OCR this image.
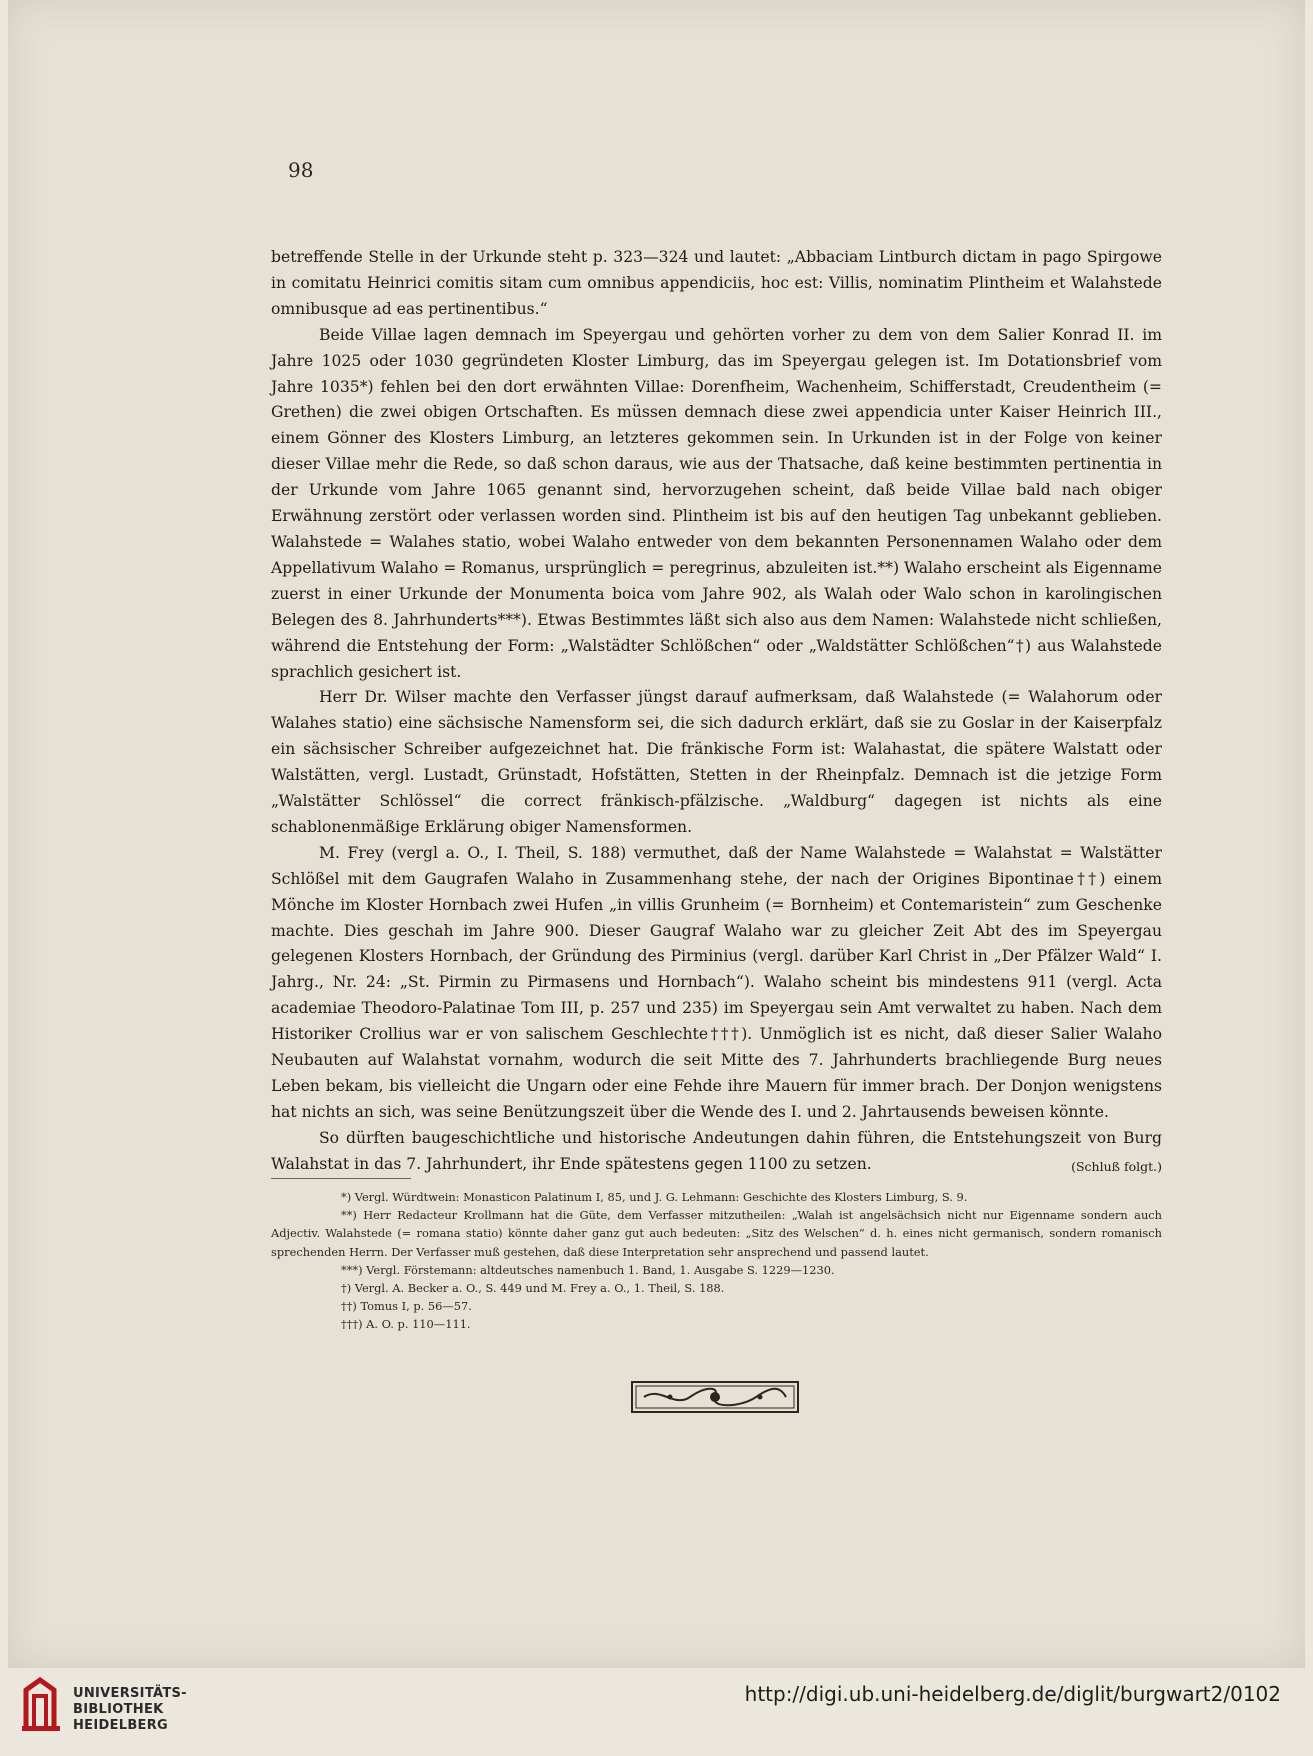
98

betreffende Stelle in der Urkunde steht p. 323—324 und lautet: „Abbaciam Lintburch dictam in pago Spirgowe in comitatu Heinrici comitis sitam cum omnibus appendiciis, hoc est: Villis, nominatim Plintheim et Walahstede omnibusque ad eas pertinentibus.“

Beide Villae lagen demnach im Speyergau und gehörten vorher zu dem von dem Salier Konrad II. im Jahre 1025 oder 1030 gegründeten Kloster Limburg, das im Speyergau gelegen ist. Im Dotationsbrief vom Jahre 1035*) fehlen bei den dort erwähnten Villae: Dorenfheim, Wachenheim, Schifferstadt, Creudentheim (= Grethen) die zwei obigen Ortschaften. Es müssen demnach diese zwei appendicia unter Kaiser Heinrich III., einem Gönner des Klosters Limburg, an letzteres gekommen sein. In Urkunden ist in der Folge von keiner dieser Villae mehr die Rede, so daß schon daraus, wie aus der Thatsache, daß keine bestimmten pertinentia in der Urkunde vom Jahre 1065 genannt sind, hervorzugehen scheint, daß beide Villae bald nach obiger Erwähnung zerstört oder verlassen worden sind. Plintheim ist bis auf den heutigen Tag unbekannt geblieben. Walahstede = Walahes statio, wobei Walaho entweder von dem bekannten Personennamen Walaho oder dem Appellativum Walaho = Romanus, ursprünglich = peregrinus, abzuleiten ist.**) Walaho erscheint als Eigenname zuerst in einer Urkunde der Monumenta boica vom Jahre 902, als Walah oder Walo schon in karolingischen Belegen des 8. Jahrhunderts***). Etwas Bestimmtes läßt sich also aus dem Namen: Walahstede nicht schließen, während die Entstehung der Form: „Walstädter Schlößchen“ oder „Waldstätter Schlößchen“†) aus Walahstede sprachlich gesichert ist.

Herr Dr. Wilser machte den Verfasser jüngst darauf aufmerksam, daß Walahstede (= Walahorum oder Walahes statio) eine sächsische Namensform sei, die sich dadurch erklärt, daß sie zu Goslar in der Kaiserpfalz ein sächsischer Schreiber aufgezeichnet hat. Die fränkische Form ist: Walahastat, die spätere Walstatt oder Walstätten, vergl. Lustadt, Grünstadt, Hofstätten, Stetten in der Rheinpfalz. Demnach ist die jetzige Form „Walstätter Schlössel“ die correct fränkisch-pfälzische. „Waldburg“ dagegen ist nichts als eine schablonenmäßige Erklärung obiger Namensformen.

M. Frey (vergl a. O., I. Theil, S. 188) vermuthet, daß der Name Walahstede = Walahstat = Walstätter Schlößel mit dem Gaugrafen Walaho in Zusammenhang stehe, der nach der Origines Bipontinae††) einem Mönche im Kloster Hornbach zwei Hufen „in villis Grunheim (= Bornheim) et Contemaristein“ zum Geschenke machte. Dies geschah im Jahre 900. Dieser Gaugraf Walaho war zu gleicher Zeit Abt des im Speyergau gelegenen Klosters Hornbach, der Gründung des Pirminius (vergl. darüber Karl Christ in „Der Pfälzer Wald“ I. Jahrg., Nr. 24: „St. Pirmin zu Pirmasens und Hornbach“). Walaho scheint bis mindestens 911 (vergl. Acta academiae Theodoro-Palatinae Tom III, p. 257 und 235) im Speyergau sein Amt verwaltet zu haben. Nach dem Historiker Crollius war er von salischem Geschlechte†††). Unmöglich ist es nicht, daß dieser Salier Walaho Neubauten auf Walahstat vornahm, wodurch die seit Mitte des 7. Jahrhunderts brachliegende Burg neues Leben bekam, bis vielleicht die Ungarn oder eine Fehde ihre Mauern für immer brach. Der Donjon wenigstens hat nichts an sich, was seine Benützungszeit über die Wende des I. und 2. Jahrtausends beweisen könnte.

So dürften baugeschichtliche und historische Andeutungen dahin führen, die Entstehungszeit von Burg Walahstat in das 7. Jahrhundert, ihr Ende spätestens gegen 1100 zu setzen.	(Schluß folgt.)

*) Vergl. Würdtwein: Monasticon Palatinum I, 85, und J. G. Lehmann: Geschichte des Klosters Limburg, S. 9.

**) Herr Redacteur Krollmann hat die Güte, dem Verfasser mitzutheilen: „Walah ist angelsächsich nicht nur Eigenname sondern auch Adjectiv. Walahstede (= romana statio) könnte daher ganz gut auch bedeuten: „Sitz des Welschen“ d. h. eines nicht germanisch, sondern romanisch sprechenden Herrn. Der Verfasser muß gestehen, daß diese Interpretation sehr ansprechend und passend lautet.

***) Vergl. Förstemann: altdeutsches namenbuch 1. Band, 1. Ausgabe S. 1229—1230.

†) Vergl. A. Becker a. O., S. 449 und M. Frey a. O., 1. Theil, S. 188.

††) Tomus I, p. 56—57.

†††) A. O. p. 110—111.

UNIVERSITÄTS-
BIBLIOTHEK
HEIDELBERG
http://digi.ub.uni-heidelberg.de/diglit/burgwart2/0102
